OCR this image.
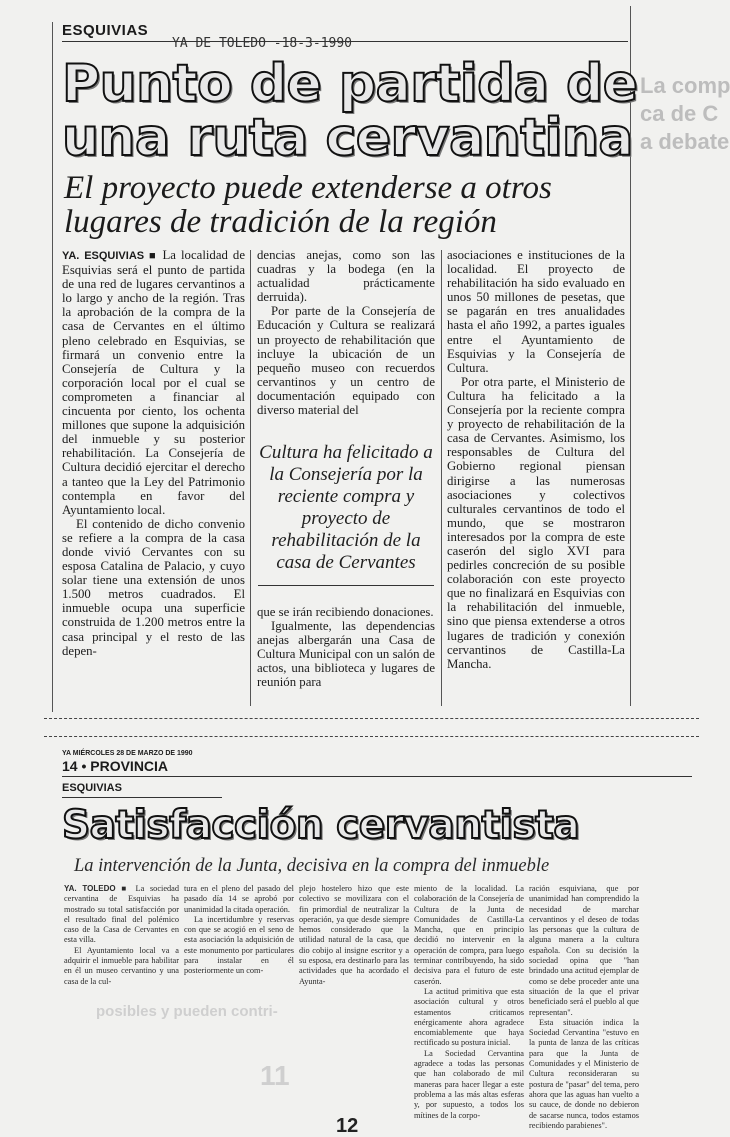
ESQUIVIAS
YA DE TOLEDO -18-3-1990
Punto de partida de
una ruta cervantina
El proyecto puede extenderse a otros
lugares de tradición de la región

YA. ESQUIVIAS ■ La localidad de Esquivias será el punto de partida de una red de lugares cervantinos a lo largo y ancho de la región. Tras la aprobación de la compra de la casa de Cervantes en el último pleno celebrado en Esquivias, se firmará un convenio entre la Consejería de Cultura y la corporación local por el cual se comprometen a financiar al cincuenta por ciento, los ochenta millones que supone la adquisición del inmueble y su posterior rehabilitación. La Consejería de Cultura decidió ejercitar el derecho a tanteo que la Ley del Patrimonio contempla en favor del Ayuntamiento local.

El contenido de dicho convenio se refiere a la compra de la casa donde vivió Cervantes con su esposa Catalina de Palacio, y cuyo solar tiene una extensión de unos 1.500 metros cuadrados. El inmueble ocupa una superficie construida de 1.200 metros entre la casa principal y el resto de las depen-

dencias anejas, como son las cuadras y la bodega (en la actualidad prácticamente derruida).

Por parte de la Consejería de Educación y Cultura se realizará un proyecto de rehabilitación que incluye la ubicación de un pequeño museo con recuerdos cervantinos y un centro de documentación equipado con diverso material del

Cultura ha felicitado a la Consejería por la reciente compra y proyecto de rehabilitación de la casa de Cervantes

que se irán recibiendo donaciones.

Igualmente, las dependencias anejas albergarán una Casa de Cultura Municipal con un salón de actos, una biblioteca y lugares de reunión para

asociaciones e instituciones de la localidad. El proyecto de rehabilitación ha sido evaluado en unos 50 millones de pesetas, que se pagarán en tres anualidades hasta el año 1992, a partes iguales entre el Ayuntamiento de Esquivias y la Consejería de Cultura.

Por otra parte, el Ministerio de Cultura ha felicitado a la Consejería por la reciente compra y proyecto de rehabilitación de la casa de Cervantes. Asimismo, los responsables de Cultura del Gobierno regional piensan dirigirse a las numerosas asociaciones y colectivos culturales cervantinos de todo el mundo, que se mostraron interesados por la compra de este caserón del siglo XVI para pedirles concreción de su posible colaboración con este proyecto que no finalizará en Esquivias con la rehabilitación del inmueble, sino que piensa extenderse a otros lugares de tradición y conexión cervantinos de Castilla-La Mancha.

La comp
ca de C
a debate
YA MIÉRCOLES 28 DE MARZO DE 1990
14 • PROVINCIA
ESQUIVIAS
Satisfacción cervantista
La intervención de la Junta, decisiva en la compra del inmueble

YA. TOLEDO ■ La sociedad cervantina de Esquivias ha mostrado su total satisfacción por el resultado final del polémico caso de la Casa de Cervantes en esta villa.

El Ayuntamiento local va a adquirir el inmueble para habilitar en él un museo cervantino y una casa de la cul-

tura en el pleno del pasado del pasado día 14 se aprobó por unanimidad la citada operación.

La incertidumbre y reservas con que se acogió en el seno de esta asociación la adquisición de este monumento por particulares para instalar en él posteriormente un com-

plejo hostelero hizo que este colectivo se movilizara con el fin primordial de neutralizar la operación, ya que desde siempre hemos considerado que la utilidad natural de la casa, que dio cobijo al insigne escritor y a su esposa, era destinarlo para las actividades que ha acordado el Ayunta-

miento de la localidad. La colaboración de la Consejería de Cultura de la Junta de Comunidades de Castilla-La Mancha, que en principio decidió no intervenir en la operación de compra, para luego terminar contribuyendo, ha sido decisiva para el futuro de este caserón.

La actitud primitiva que esta asociación cultural y otros estamentos criticamos enérgicamente ahora agradece encomiablemente que haya rectificado su postura inicial.

La Sociedad Cervantina agradece a todas las personas que han colaborado de mil maneras para hacer llegar a este problema a las más altas esferas y, por supuesto, a todos los mítines de la corpo-

ración esquiviana, que por unanimidad han comprendido la necesidad de marchar cervantinos y el deseo de todas las personas que la cultura de alguna manera a la cultura española. Con su decisión la sociedad opina que "han brindado una actitud ejemplar de como se debe proceder ante una situación de la que el privar beneficiado será el pueblo al que representan".

Esta situación indica la Sociedad Cervantina "estuvo en la punta de lanza de las críticas para que la Junta de Comunidades y el Ministerio de Cultura reconsideraran su postura de "pasar" del tema, pero ahora que las aguas han vuelto a su cauce, de donde no debieron de sacarse nunca, todos estamos recibiendo parabienes".

posibles y pueden contri-
11
12
